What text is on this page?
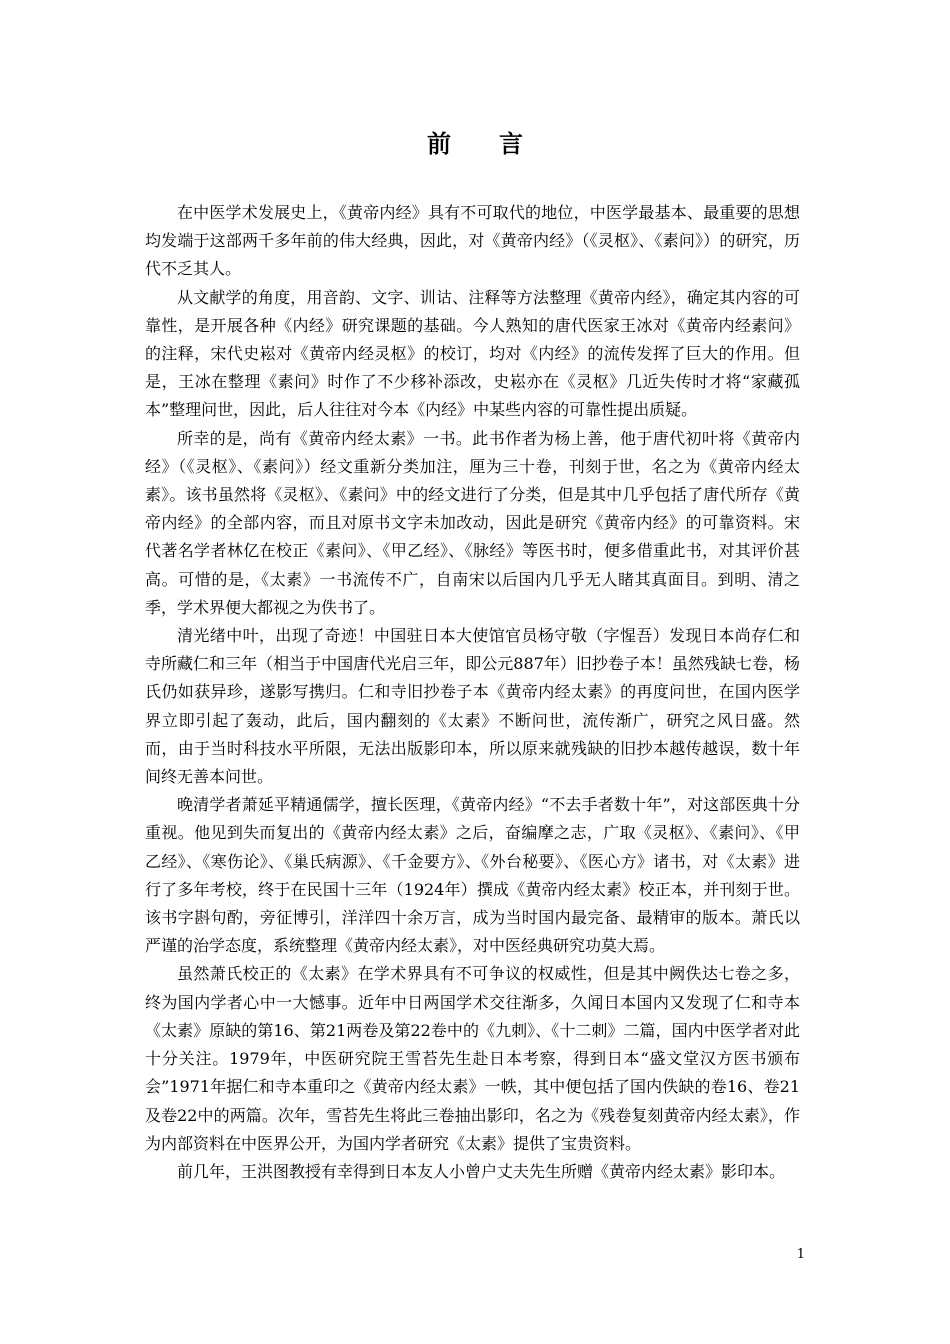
前言

在中医学术发展史上，《黄帝内经》具有不可取代的地位，中医学最基本、最重要的思想均发端于这部两千多年前的伟大经典，因此，对《黄帝内经》（《灵枢》、《素问》）的研究，历代不乏其人。

从文献学的角度，用音韵、文字、训诂、注释等方法整理《黄帝内经》，确定其内容的可靠性，是开展各种《内经》研究课题的基础。今人熟知的唐代医家王冰对《黄帝内经素问》的注释，宋代史崧对《黄帝内经灵枢》的校订，均对《内经》的流传发挥了巨大的作用。但是，王冰在整理《素问》时作了不少移补添改，史崧亦在《灵枢》几近失传时才将“家藏孤本”整理问世，因此，后人往往对今本《内经》中某些内容的可靠性提出质疑。

所幸的是，尚有《黄帝内经太素》一书。此书作者为杨上善，他于唐代初叶将《黄帝内经》（《灵枢》、《素问》）经文重新分类加注，厘为三十卷，刊刻于世，名之为《黄帝内经太素》。该书虽然将《灵枢》、《素问》中的经文进行了分类，但是其中几乎包括了唐代所存《黄帝内经》的全部内容，而且对原书文字未加改动，因此是研究《黄帝内经》的可靠资料。宋代著名学者林亿在校正《素问》、《甲乙经》、《脉经》等医书时，便多借重此书，对其评价甚高。可惜的是，《太素》一书流传不广，自南宋以后国内几乎无人睹其真面目。到明、清之季，学术界便大都视之为佚书了。

清光绪中叶，出现了奇迹！中国驻日本大使馆官员杨守敬（字惺吾）发现日本尚存仁和寺所藏仁和三年（相当于中国唐代光启三年，即公元887年）旧抄卷子本！虽然残缺七卷，杨氏仍如获异珍，遂影写携归。仁和寺旧抄卷子本《黄帝内经太素》的再度问世，在国内医学界立即引起了轰动，此后，国内翻刻的《太素》不断问世，流传渐广，研究之风日盛。然而，由于当时科技水平所限，无法出版影印本，所以原来就残缺的旧抄本越传越误，数十年间终无善本问世。

晚清学者萧延平精通儒学，擅长医理，《黄帝内经》“不去手者数十年”，对这部医典十分重视。他见到失而复出的《黄帝内经太素》之后，奋编摩之志，广取《灵枢》、《素问》、《甲乙经》、《寒伤论》、《巢氏病源》、《千金要方》、《外台秘要》、《医心方》诸书，对《太素》进行了多年考校，终于在民国十三年（1924年）撰成《黄帝内经太素》校正本，并刊刻于世。该书字斟句酌，旁征博引，洋洋四十余万言，成为当时国内最完备、最精审的版本。萧氏以严谨的治学态度，系统整理《黄帝内经太素》，对中医经典研究功莫大焉。

虽然萧氏校正的《太素》在学术界具有不可争议的权威性，但是其中阙佚达七卷之多，终为国内学者心中一大憾事。近年中日两国学术交往渐多，久闻日本国内又发现了仁和寺本《太素》原缺的第16、第21两卷及第22卷中的《九刺》、《十二刺》二篇，国内中医学者对此十分关注。1979年，中医研究院王雪苔先生赴日本考察，得到日本“盛文堂汉方医书颁布会”1971年据仁和寺本重印之《黄帝内经太素》一帙，其中便包括了国内佚缺的卷16、卷21及卷22中的两篇。次年，雪苔先生将此三卷抽出影印，名之为《残卷复刻黄帝内经太素》，作为内部资料在中医界公开，为国内学者研究《太素》提供了宝贵资料。

前几年，王洪图教授有幸得到日本友人小曾户丈夫先生所赠《黄帝内经太素》影印本。

1
